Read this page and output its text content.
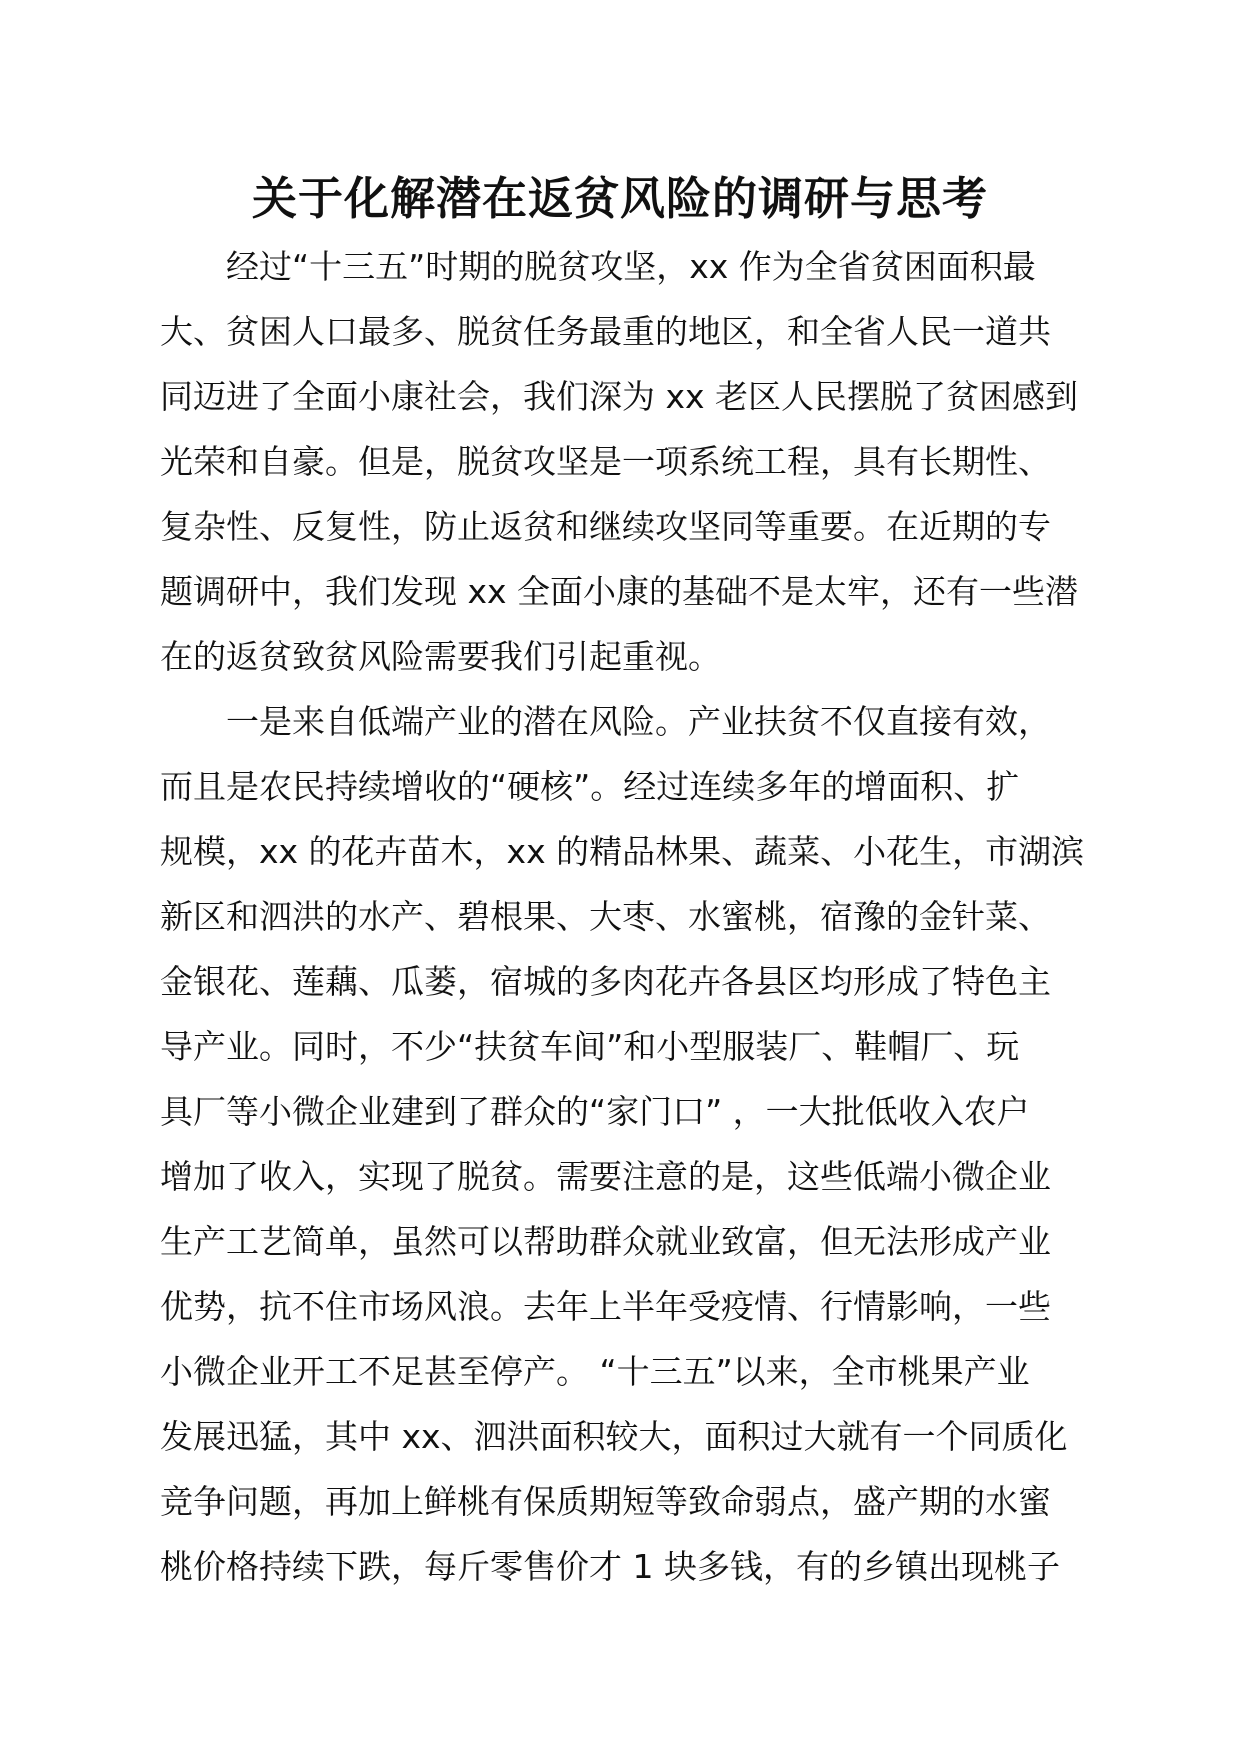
关于化解潜在返贫风险的调研与思考
经过“十三五”时期的脱贫攻坚，xx 作为全省贫困面积最
大、贫困人口最多、脱贫任务最重的地区，和全省人民一道共
同迈进了全面小康社会，我们深为 xx 老区人民摆脱了贫困感到
光荣和自豪。但是，脱贫攻坚是一项系统工程，具有长期性、
复杂性、反复性，防止返贫和继续攻坚同等重要。在近期的专
题调研中，我们发现 xx 全面小康的基础不是太牢，还有一些潜
在的返贫致贫风险需要我们引起重视。
一是来自低端产业的潜在风险。产业扶贫不仅直接有效，
而且是农民持续增收的“硬核”。经过连续多年的增面积、扩
规模，xx 的花卉苗木，xx 的精品林果、蔬菜、小花生，市湖滨
新区和泗洪的水产、碧根果、大枣、水蜜桃，宿豫的金针菜、
金银花、莲藕、瓜蒌，宿城的多肉花卉各县区均形成了特色主
导产业。同时，不少“扶贫车间”和小型服装厂、鞋帽厂、玩
具厂等小微企业建到了群众的“家门口” ，一大批低收入农户
增加了收入，实现了脱贫。需要注意的是，这些低端小微企业
生产工艺简单，虽然可以帮助群众就业致富，但无法形成产业
优势，抗不住市场风浪。去年上半年受疫情、行情影响，一些
小微企业开工不足甚至停产。 “十三五”以来，全市桃果产业
发展迅猛，其中 xx、泗洪面积较大，面积过大就有一个同质化
竞争问题，再加上鲜桃有保质期短等致命弱点，盛产期的水蜜
桃价格持续下跌，每斤零售价才 1 块多钱，有的乡镇出现桃子
